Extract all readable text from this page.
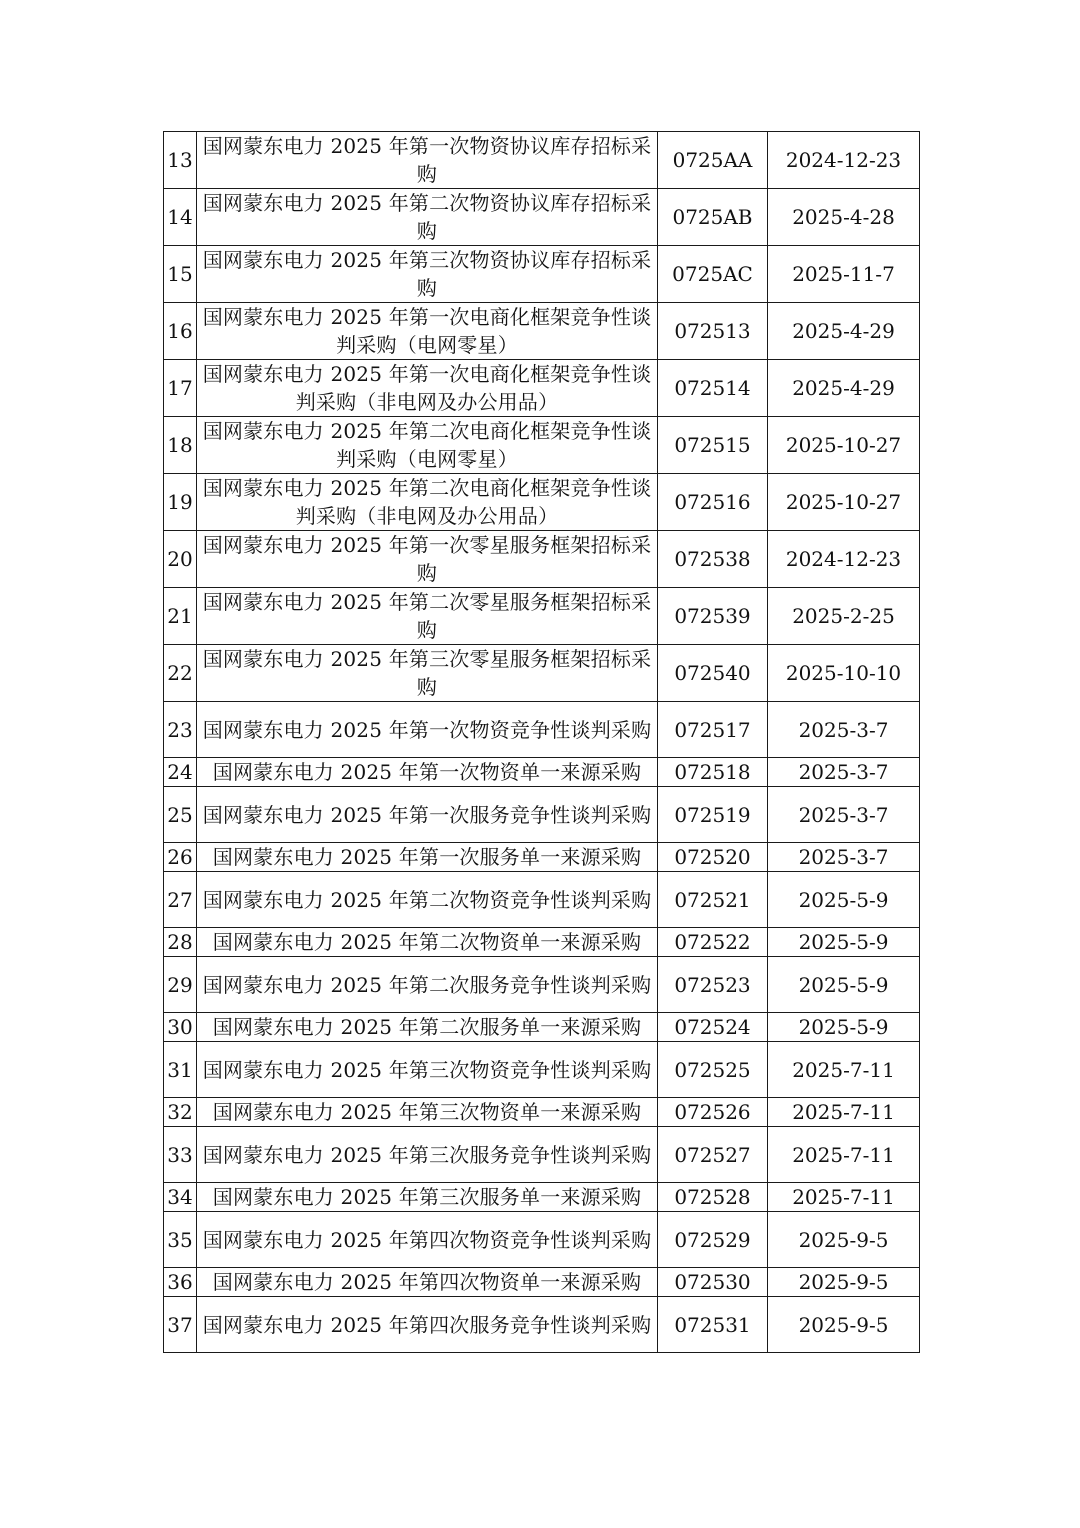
13	国网蒙东电力 2025 年第一次物资协议库存招标采购	0725AA	2024-12-23
14	国网蒙东电力 2025 年第二次物资协议库存招标采购	0725AB	2025-4-28
15	国网蒙东电力 2025 年第三次物资协议库存招标采购	0725AC	2025-11-7
16	国网蒙东电力 2025 年第一次电商化框架竞争性谈判采购（电网零星）	072513	2025-4-29
17	国网蒙东电力 2025 年第一次电商化框架竞争性谈判采购（非电网及办公用品）	072514	2025-4-29
18	国网蒙东电力 2025 年第二次电商化框架竞争性谈判采购（电网零星）	072515	2025-10-27
19	国网蒙东电力 2025 年第二次电商化框架竞争性谈判采购（非电网及办公用品）	072516	2025-10-27
20	国网蒙东电力 2025 年第一次零星服务框架招标采购	072538	2024-12-23
21	国网蒙东电力 2025 年第二次零星服务框架招标采购	072539	2025-2-25
22	国网蒙东电力 2025 年第三次零星服务框架招标采购	072540	2025-10-10
23	国网蒙东电力 2025 年第一次物资竞争性谈判采购	072517	2025-3-7
24	国网蒙东电力 2025 年第一次物资单一来源采购	072518	2025-3-7
25	国网蒙东电力 2025 年第一次服务竞争性谈判采购	072519	2025-3-7
26	国网蒙东电力 2025 年第一次服务单一来源采购	072520	2025-3-7
27	国网蒙东电力 2025 年第二次物资竞争性谈判采购	072521	2025-5-9
28	国网蒙东电力 2025 年第二次物资单一来源采购	072522	2025-5-9
29	国网蒙东电力 2025 年第二次服务竞争性谈判采购	072523	2025-5-9
30	国网蒙东电力 2025 年第二次服务单一来源采购	072524	2025-5-9
31	国网蒙东电力 2025 年第三次物资竞争性谈判采购	072525	2025-7-11
32	国网蒙东电力 2025 年第三次物资单一来源采购	072526	2025-7-11
33	国网蒙东电力 2025 年第三次服务竞争性谈判采购	072527	2025-7-11
34	国网蒙东电力 2025 年第三次服务单一来源采购	072528	2025-7-11
35	国网蒙东电力 2025 年第四次物资竞争性谈判采购	072529	2025-9-5
36	国网蒙东电力 2025 年第四次物资单一来源采购	072530	2025-9-5
37	国网蒙东电力 2025 年第四次服务竞争性谈判采购	072531	2025-9-5
